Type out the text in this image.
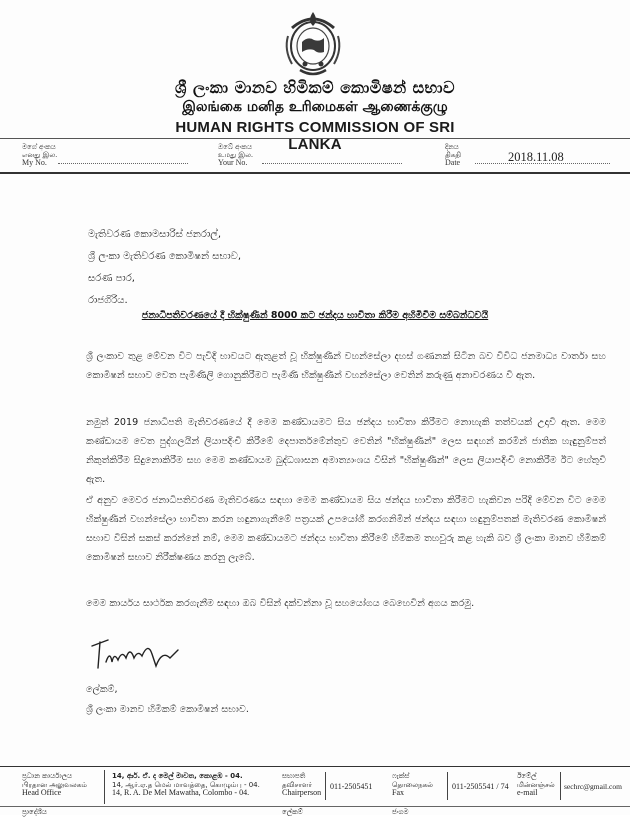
ශ්‍රී ලංකා මානව හිමිකම් කොමිෂන් සභාව
இலங்கை மனித உரிமைகள் ஆணைக்குழு
HUMAN RIGHTS COMMISSION OF SRI LANKA
මගේ අංකය
எனது இல.
My No.
ඔබේ අංකය
உமது இல.
Your No.
දිනය
திகதி
Date	2018.11.08
මැතිවරණ කොමසාරිස් ජනරාල්,
ශ්‍රී ලංකා මැතිවරණ කොමිෂන් සභාව,
සරණ පාර,
රාජගිරිය.
ජනාධිපතිවරණයේ දී භික්ෂුණීන් 8000 කට ඡන්දය භාවිතා කිරීම අහිමිවීම සම්බන්ධවයි
ශ්‍රී ලංකාව තුළ මේවන විට පැවිදි භාවයට ඇතුළත් වූ භික්ෂුණීන් වහන්සේලා දහස් ගණනක් සිටින බව විවිධ ජනමාධ්‍ය වාර්තා සහ කොමිෂන් සභාව වෙත පැමිණිලි ගොනුකිරීමට පැමිණි භික්ෂුණීන් වහන්සේලා වෙතින් කරුණු අනාවරණය වී ඇත.
නමුත් 2019 ජනාධිපති මැතිවරණයේ දී මෙම කණ්ඩායමට සිය ඡන්දය භාවිතා කිරීමට නොහැකි තත්වයක් උදාවී ඇත. මෙම කණ්ඩායම වෙත පුද්ගලයින් ලියාපදිංචි කිරීමේ දෙපාර්තමේන්තුව වෙතින් "භික්ෂුණීන්" ලෙස සඳහන් කරමින් ජාතික හැඳුනුම්පත් නිකුත්කිරීම සිදුනොකිරීම සහ මෙම කණ්ඩායම බුද්ධශාසන අමාත්‍යාංශය විසින් "භික්ෂුණීන්" ලෙස ලියාපදිංචි නොකිරීම ඊට හේතුවී ඇත.
ඒ අනුව මෙවර ජනාධිපතිවරණ මැතිවරණය සඳහා මෙම කණ්ඩායම සිය ඡන්දය භාවිතා කිරීමට හැකිවන පරිදි මේවන විට මෙම භික්ෂුණීන් වහන්සේලා භාවිතා කරන හඳුනාගැනීමේ පත්‍රයක් උපයෝගී කරගනිමින් ඡන්දය සඳහා හඳුනුම්පතක් මැතිවරණ කොමිෂන් සභාව විසින් සකස් කරන්නේ නම්, මෙම කණ්ඩායමට ඡන්දය භාවිතා කිරීමේ හිමිකම තහවුරු කළ හැකි බව ශ්‍රී ලංකා මානව හිමිකම් කොමිෂන් සභාව නිරීක්ෂණය කරනු ලැබේ.
මෙම කාර්යය සාර්ථක කරගැනීම සඳහා ඔබ විසින් දක්වන්නා වූ සහයෝගය බෙහෙවින් අගය කරමු.
ලේකම්,
ශ්‍රී ලංකා මානව හිමිකම් කොමිෂන් සභාව.
ප්‍රධාන කාර්යාලය
பிரதான அலுவலகம்
Head Office
14, ආර්. ඒ. ද මෙල් මාවත, කොළඹ - 04.
14, ஆர்.ஏ.த மெல் மாவத்தை, கொழும்பு - 04.
14, R. A. De Mel Mawatha, Colombo - 04.
සභාපති
தவிசாளர்
Chairperson
011-2505451
ෆැක්ස්
தொலைநகல்
Fax
011-2505541 / 74
ඊමේල්
மின்னஞ்சல்
e-mail
sechrc@gmail.com
ප්‍රාදේශීය	ලේකම්	ජංගම
